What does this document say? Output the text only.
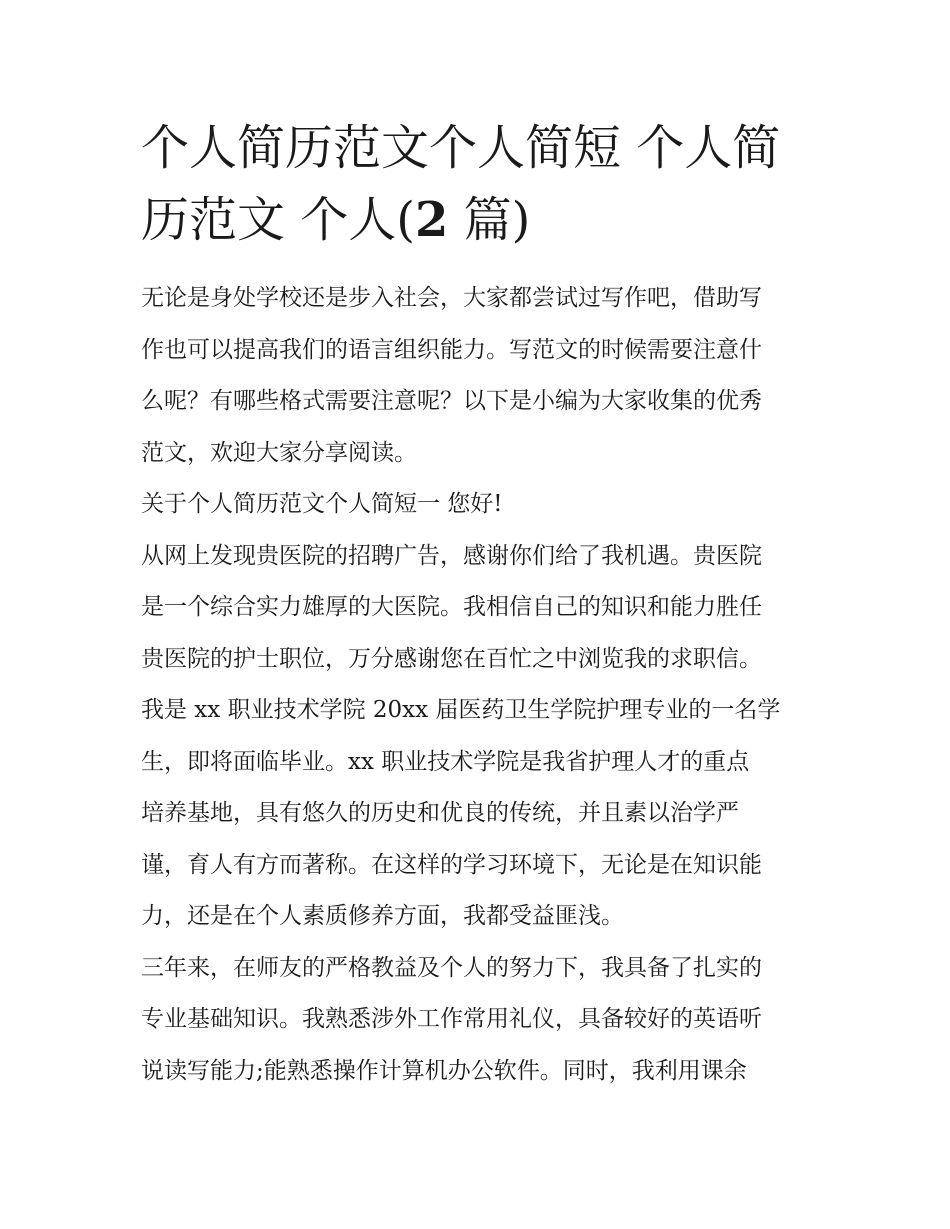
个人简历范文个人简短 个人简
历范文 个人(2 篇)
无论是身处学校还是步入社会，大家都尝试过写作吧，借助写
作也可以提高我们的语言组织能力。写范文的时候需要注意什
么呢？有哪些格式需要注意呢？以下是小编为大家收集的优秀
范文，欢迎大家分享阅读。
关于个人简历范文个人简短一 您好!
从网上发现贵医院的招聘广告，感谢你们给了我机遇。贵医院
是一个综合实力雄厚的大医院。我相信自己的知识和能力胜任
贵医院的护士职位，万分感谢您在百忙之中浏览我的求职信。
我是 xx 职业技术学院 20xx 届医药卫生学院护理专业的一名学
生，即将面临毕业。xx 职业技术学院是我省护理人才的重点
培养基地，具有悠久的历史和优良的传统，并且素以治学严
谨，育人有方而著称。在这样的学习环境下，无论是在知识能
力，还是在个人素质修养方面，我都受益匪浅。
三年来，在师友的严格教益及个人的努力下，我具备了扎实的
专业基础知识。我熟悉涉外工作常用礼仪，具备较好的英语听
说读写能力;能熟悉操作计算机办公软件。同时，我利用课余
